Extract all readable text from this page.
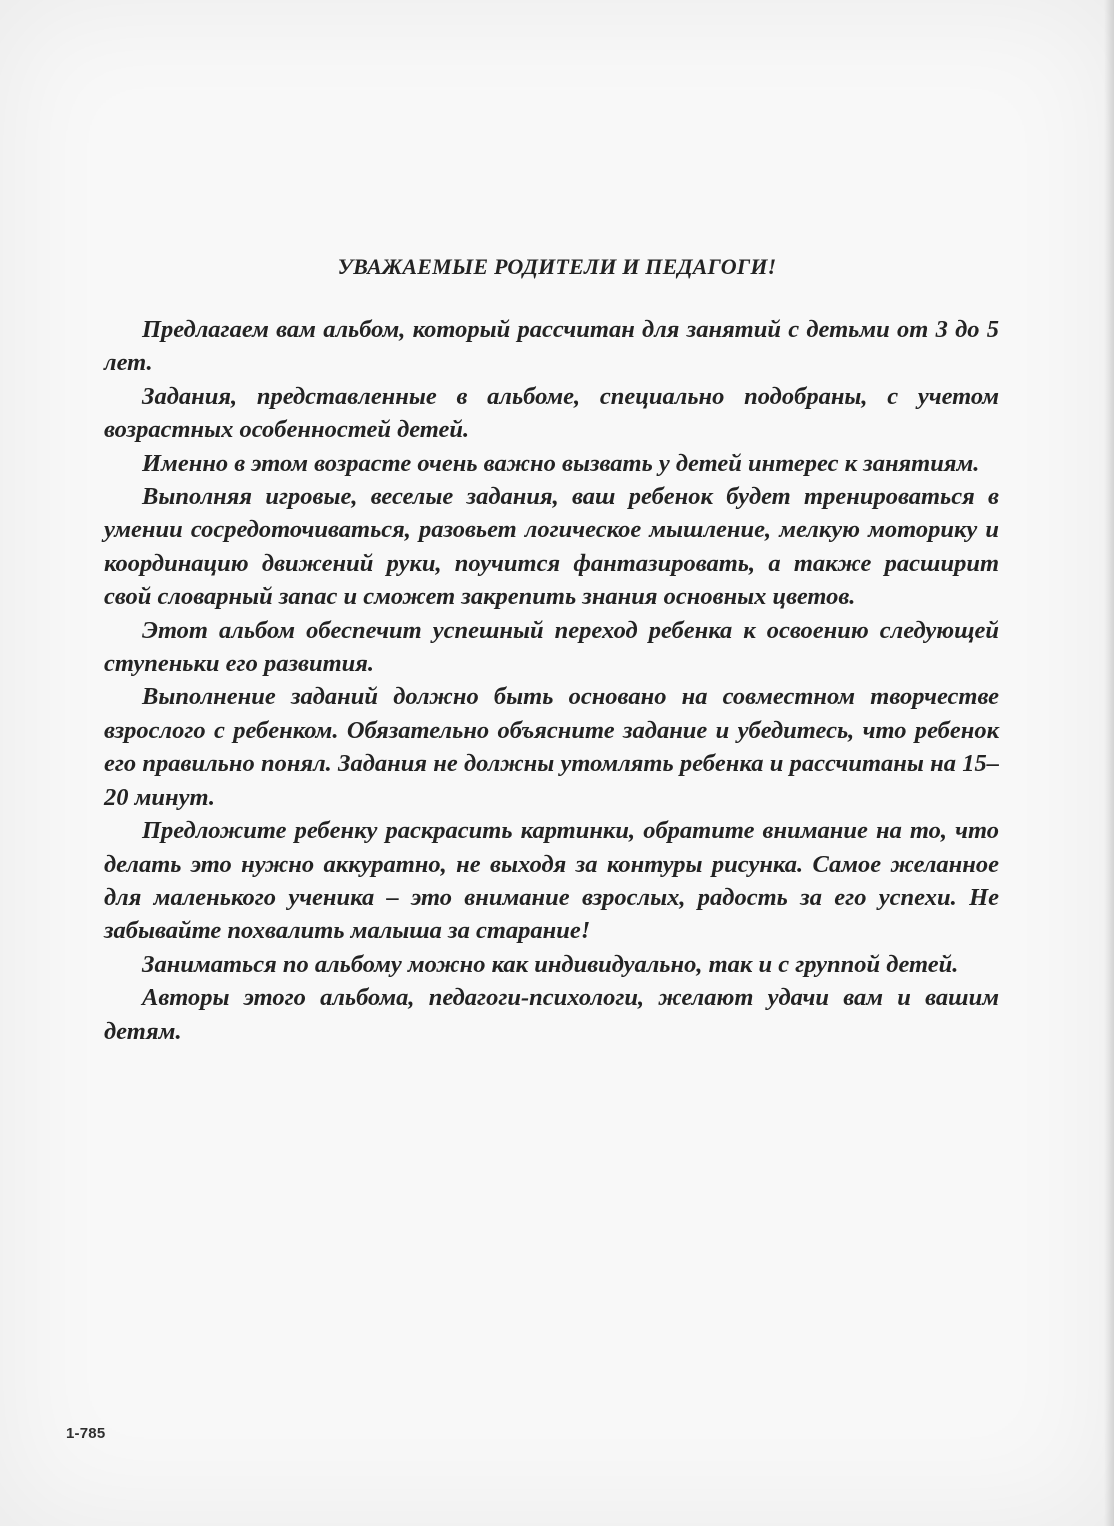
УВАЖАЕМЫЕ РОДИТЕЛИ И ПЕДАГОГИ!

Предлагаем вам альбом, который рассчитан для занятий с детьми от 3 до 5 лет.

Задания, представленные в альбоме, специально подобраны, с учетом возрастных особенностей детей.

Именно в этом возрасте очень важно вызвать у детей интерес к занятиям.

Выполняя игровые, веселые задания, ваш ребенок будет тренироваться в умении сосредоточиваться, разовьет логическое мышление, мелкую моторику и координацию движений руки, поучится фантазировать, а также расширит свой словарный запас и сможет закрепить знания основных цветов.

Этот альбом обеспечит успешный переход ребенка к освоению следующей ступеньки его развития.

Выполнение заданий должно быть основано на совместном творчестве взрослого с ребенком. Обязательно объясните задание и убедитесь, что ребенок его правильно понял. Задания не должны утомлять ребенка и рассчитаны на 15–20 минут.

Предложите ребенку раскрасить картинки, обратите внимание на то, что делать это нужно аккуратно, не выходя за контуры рисунка. Самое желанное для маленького ученика – это внимание взрослых, радость за его успехи. Не забывайте похвалить малыша за старание!

Заниматься по альбому можно как индивидуально, так и с группой детей.

Авторы этого альбома, педагоги-психологи, желают удачи вам и вашим детям.

1-785
